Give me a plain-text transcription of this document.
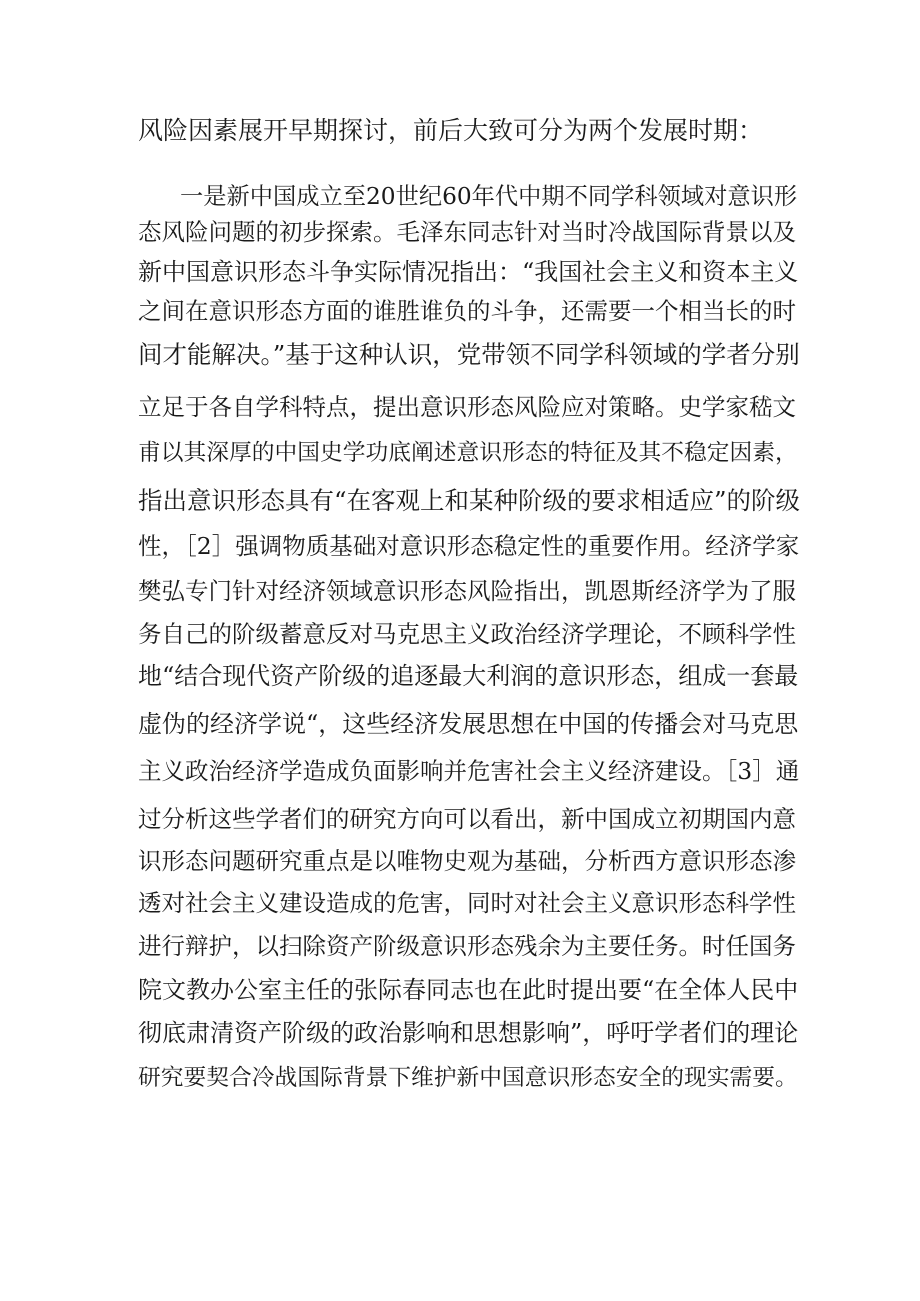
风险因素展开早期探讨，前后大致可分为两个发展时期：
一是新中国成立至20世纪60年代中期不同学科领域对意识形
态风险问题的初步探索。毛泽东同志针对当时冷战国际背景以及
新中国意识形态斗争实际情况指出：“我国社会主义和资本主义
之间在意识形态方面的谁胜谁负的斗争，还需要一个相当长的时
间才能解决。”基于这种认识，党带领不同学科领域的学者分别
立足于各自学科特点，提出意识形态风险应对策略。史学家嵇文
甫以其深厚的中国史学功底阐述意识形态的特征及其不稳定因素，
指出意识形态具有“在客观上和某种阶级的要求相适应”的阶级
性，［2］强调物质基础对意识形态稳定性的重要作用。经济学家
樊弘专门针对经济领域意识形态风险指出，凯恩斯经济学为了服
务自己的阶级蓄意反对马克思主义政治经济学理论，不顾科学性
地“结合现代资产阶级的追逐最大利润的意识形态，组成一套最
虚伪的经济学说“，这些经济发展思想在中国的传播会对马克思
主义政治经济学造成负面影响并危害社会主义经济建设。［3］通
过分析这些学者们的研究方向可以看出，新中国成立初期国内意
识形态问题研究重点是以唯物史观为基础，分析西方意识形态渗
透对社会主义建设造成的危害，同时对社会主义意识形态科学性
进行辩护，以扫除资产阶级意识形态残余为主要任务。时任国务
院文教办公室主任的张际春同志也在此时提出要“在全体人民中
彻底肃清资产阶级的政治影响和思想影响”，呼吁学者们的理论
研究要契合冷战国际背景下维护新中国意识形态安全的现实需要。
